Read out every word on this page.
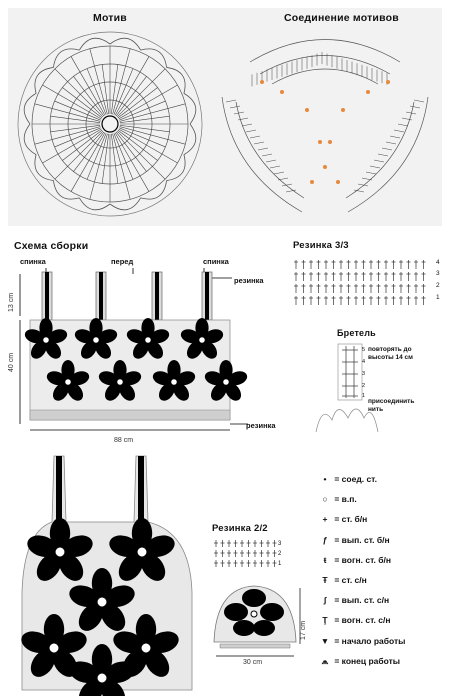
Мотив	Соединение мотивов
Схема сборки
спинка	перед	спинка
резинка
резинка
13 cm
40 cm
88 cm
Резинка 3/3
4
3
2
1
Бретель
повторять до высоты 14 см
присоединить нить
5
4
3
2
1
Резинка 2/2
3
2
1
17 cm
30 cm
• = соед. ст.
○ = в.п.
+ = ст. б/н
ƒ = вып. ст. б/н
ŧ = вогн. ст. б/н
Ŧ = ст. с/н
ʃ = вып. ст. с/н
Ţ = вогн. ст. с/н
▼ = начало работы
⩕ = конец работы
